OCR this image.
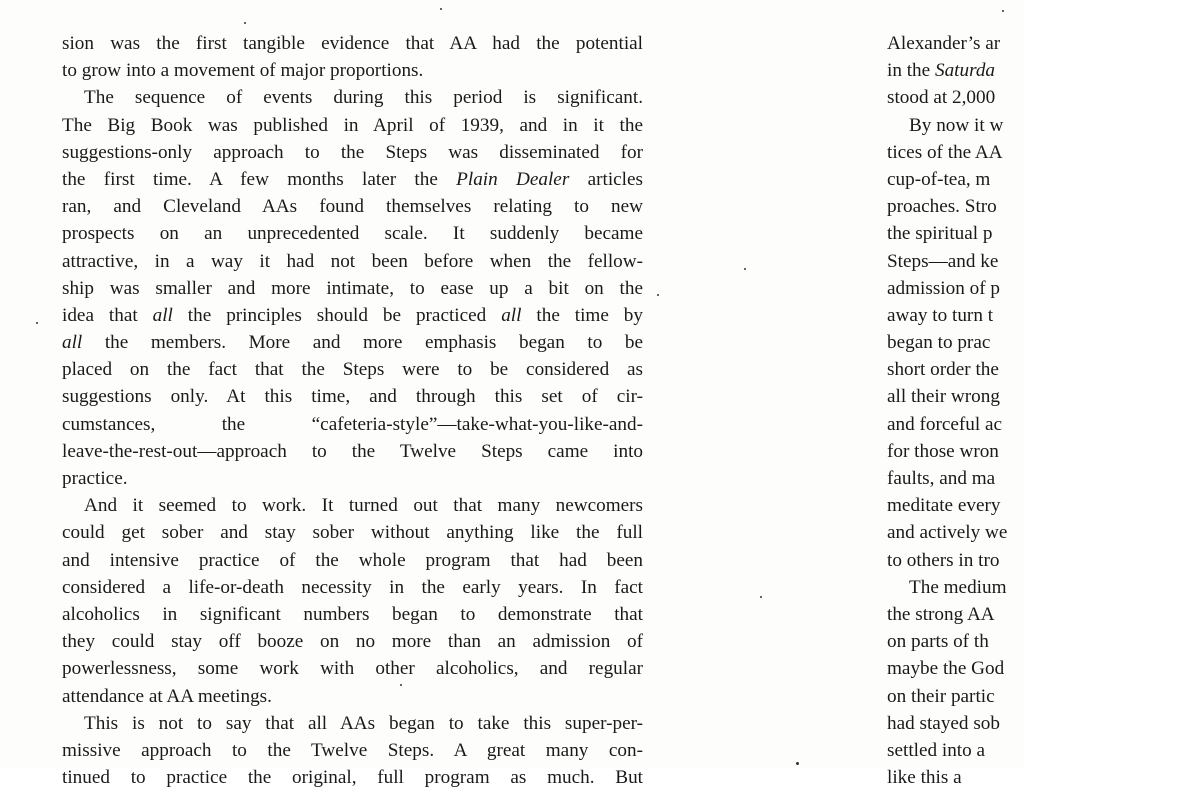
sion was the first tangible evidence that AA had the potential
to grow into a movement of major proportions.
The sequence of events during this period is significant.
The Big Book was published in April of 1939, and in it the
suggestions-only approach to the Steps was disseminated for
the first time. A few months later the Plain Dealer articles
ran, and Cleveland AAs found themselves relating to new
prospects on an unprecedented scale. It suddenly became
attractive, in a way it had not been before when the fellow-
ship was smaller and more intimate, to ease up a bit on the
idea that all the principles should be practiced all the time by
all the members. More and more emphasis began to be
placed on the fact that the Steps were to be considered as
suggestions only. At this time, and through this set of cir-
cumstances, the “cafeteria-style”—take-what-you-like-and-
leave-the-rest-out—approach to the Twelve Steps came into
practice.
And it seemed to work. It turned out that many newcomers
could get sober and stay sober without anything like the full
and intensive practice of the whole program that had been
considered a life-or-death necessity in the early years. In fact
alcoholics in significant numbers began to demonstrate that
they could stay off booze on no more than an admission of
powerlessness, some work with other alcoholics, and regular
attendance at AA meetings.
This is not to say that all AAs began to take this super-per-
missive approach to the Twelve Steps. A great many con-
tinued to practice the original, full program as much. But
Alexander’s ar
in the Saturda
stood at 2,000
By now it w
tices of the AA
cup-of-tea, m
proaches. Stro
the spiritual p
Steps—and ke
admission of p
away to turn t
began to prac
short order the
all their wrong
and forceful ac
for those wron
faults, and ma
meditate every
and actively we
to others in tro
The medium
the strong AA
on parts of th
maybe the God
on their partic
had stayed sob
settled into a
like this a
